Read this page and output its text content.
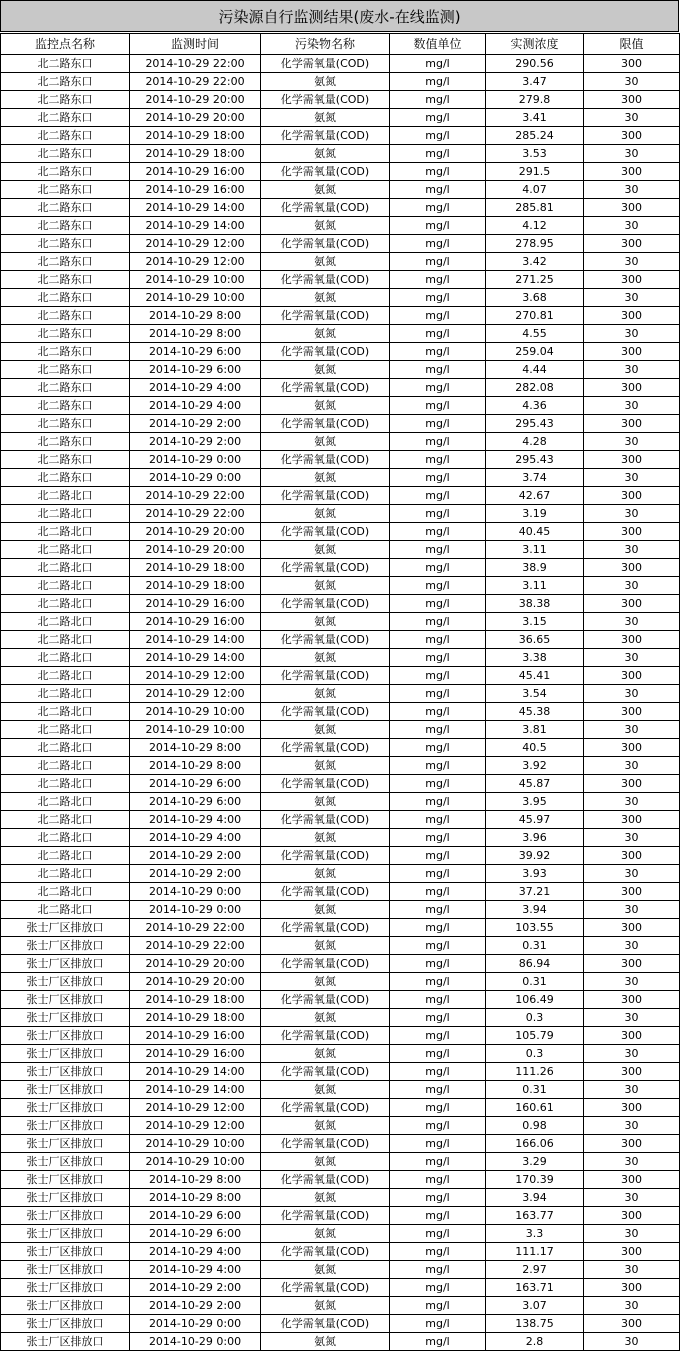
污染源自行监测结果(废水-在线监测)
监控点名称	监测时间	污染物名称	数值单位	实测浓度	限值
北二路东口	2014-10-29 22:00	化学需氧量(COD)	mg/l	290.56	300
北二路东口	2014-10-29 22:00	氨氮	mg/l	3.47	30
北二路东口	2014-10-29 20:00	化学需氧量(COD)	mg/l	279.8	300
北二路东口	2014-10-29 20:00	氨氮	mg/l	3.41	30
北二路东口	2014-10-29 18:00	化学需氧量(COD)	mg/l	285.24	300
北二路东口	2014-10-29 18:00	氨氮	mg/l	3.53	30
北二路东口	2014-10-29 16:00	化学需氧量(COD)	mg/l	291.5	300
北二路东口	2014-10-29 16:00	氨氮	mg/l	4.07	30
北二路东口	2014-10-29 14:00	化学需氧量(COD)	mg/l	285.81	300
北二路东口	2014-10-29 14:00	氨氮	mg/l	4.12	30
北二路东口	2014-10-29 12:00	化学需氧量(COD)	mg/l	278.95	300
北二路东口	2014-10-29 12:00	氨氮	mg/l	3.42	30
北二路东口	2014-10-29 10:00	化学需氧量(COD)	mg/l	271.25	300
北二路东口	2014-10-29 10:00	氨氮	mg/l	3.68	30
北二路东口	2014-10-29 8:00	化学需氧量(COD)	mg/l	270.81	300
北二路东口	2014-10-29 8:00	氨氮	mg/l	4.55	30
北二路东口	2014-10-29 6:00	化学需氧量(COD)	mg/l	259.04	300
北二路东口	2014-10-29 6:00	氨氮	mg/l	4.44	30
北二路东口	2014-10-29 4:00	化学需氧量(COD)	mg/l	282.08	300
北二路东口	2014-10-29 4:00	氨氮	mg/l	4.36	30
北二路东口	2014-10-29 2:00	化学需氧量(COD)	mg/l	295.43	300
北二路东口	2014-10-29 2:00	氨氮	mg/l	4.28	30
北二路东口	2014-10-29 0:00	化学需氧量(COD)	mg/l	295.43	300
北二路东口	2014-10-29 0:00	氨氮	mg/l	3.74	30
北二路北口	2014-10-29 22:00	化学需氧量(COD)	mg/l	42.67	300
北二路北口	2014-10-29 22:00	氨氮	mg/l	3.19	30
北二路北口	2014-10-29 20:00	化学需氧量(COD)	mg/l	40.45	300
北二路北口	2014-10-29 20:00	氨氮	mg/l	3.11	30
北二路北口	2014-10-29 18:00	化学需氧量(COD)	mg/l	38.9	300
北二路北口	2014-10-29 18:00	氨氮	mg/l	3.11	30
北二路北口	2014-10-29 16:00	化学需氧量(COD)	mg/l	38.38	300
北二路北口	2014-10-29 16:00	氨氮	mg/l	3.15	30
北二路北口	2014-10-29 14:00	化学需氧量(COD)	mg/l	36.65	300
北二路北口	2014-10-29 14:00	氨氮	mg/l	3.38	30
北二路北口	2014-10-29 12:00	化学需氧量(COD)	mg/l	45.41	300
北二路北口	2014-10-29 12:00	氨氮	mg/l	3.54	30
北二路北口	2014-10-29 10:00	化学需氧量(COD)	mg/l	45.38	300
北二路北口	2014-10-29 10:00	氨氮	mg/l	3.81	30
北二路北口	2014-10-29 8:00	化学需氧量(COD)	mg/l	40.5	300
北二路北口	2014-10-29 8:00	氨氮	mg/l	3.92	30
北二路北口	2014-10-29 6:00	化学需氧量(COD)	mg/l	45.87	300
北二路北口	2014-10-29 6:00	氨氮	mg/l	3.95	30
北二路北口	2014-10-29 4:00	化学需氧量(COD)	mg/l	45.97	300
北二路北口	2014-10-29 4:00	氨氮	mg/l	3.96	30
北二路北口	2014-10-29 2:00	化学需氧量(COD)	mg/l	39.92	300
北二路北口	2014-10-29 2:00	氨氮	mg/l	3.93	30
北二路北口	2014-10-29 0:00	化学需氧量(COD)	mg/l	37.21	300
北二路北口	2014-10-29 0:00	氨氮	mg/l	3.94	30
张士厂区排放口	2014-10-29 22:00	化学需氧量(COD)	mg/l	103.55	300
张士厂区排放口	2014-10-29 22:00	氨氮	mg/l	0.31	30
张士厂区排放口	2014-10-29 20:00	化学需氧量(COD)	mg/l	86.94	300
张士厂区排放口	2014-10-29 20:00	氨氮	mg/l	0.31	30
张士厂区排放口	2014-10-29 18:00	化学需氧量(COD)	mg/l	106.49	300
张士厂区排放口	2014-10-29 18:00	氨氮	mg/l	0.3	30
张士厂区排放口	2014-10-29 16:00	化学需氧量(COD)	mg/l	105.79	300
张士厂区排放口	2014-10-29 16:00	氨氮	mg/l	0.3	30
张士厂区排放口	2014-10-29 14:00	化学需氧量(COD)	mg/l	111.26	300
张士厂区排放口	2014-10-29 14:00	氨氮	mg/l	0.31	30
张士厂区排放口	2014-10-29 12:00	化学需氧量(COD)	mg/l	160.61	300
张士厂区排放口	2014-10-29 12:00	氨氮	mg/l	0.98	30
张士厂区排放口	2014-10-29 10:00	化学需氧量(COD)	mg/l	166.06	300
张士厂区排放口	2014-10-29 10:00	氨氮	mg/l	3.29	30
张士厂区排放口	2014-10-29 8:00	化学需氧量(COD)	mg/l	170.39	300
张士厂区排放口	2014-10-29 8:00	氨氮	mg/l	3.94	30
张士厂区排放口	2014-10-29 6:00	化学需氧量(COD)	mg/l	163.77	300
张士厂区排放口	2014-10-29 6:00	氨氮	mg/l	3.3	30
张士厂区排放口	2014-10-29 4:00	化学需氧量(COD)	mg/l	111.17	300
张士厂区排放口	2014-10-29 4:00	氨氮	mg/l	2.97	30
张士厂区排放口	2014-10-29 2:00	化学需氧量(COD)	mg/l	163.71	300
张士厂区排放口	2014-10-29 2:00	氨氮	mg/l	3.07	30
张士厂区排放口	2014-10-29 0:00	化学需氧量(COD)	mg/l	138.75	300
张士厂区排放口	2014-10-29 0:00	氨氮	mg/l	2.8	30
